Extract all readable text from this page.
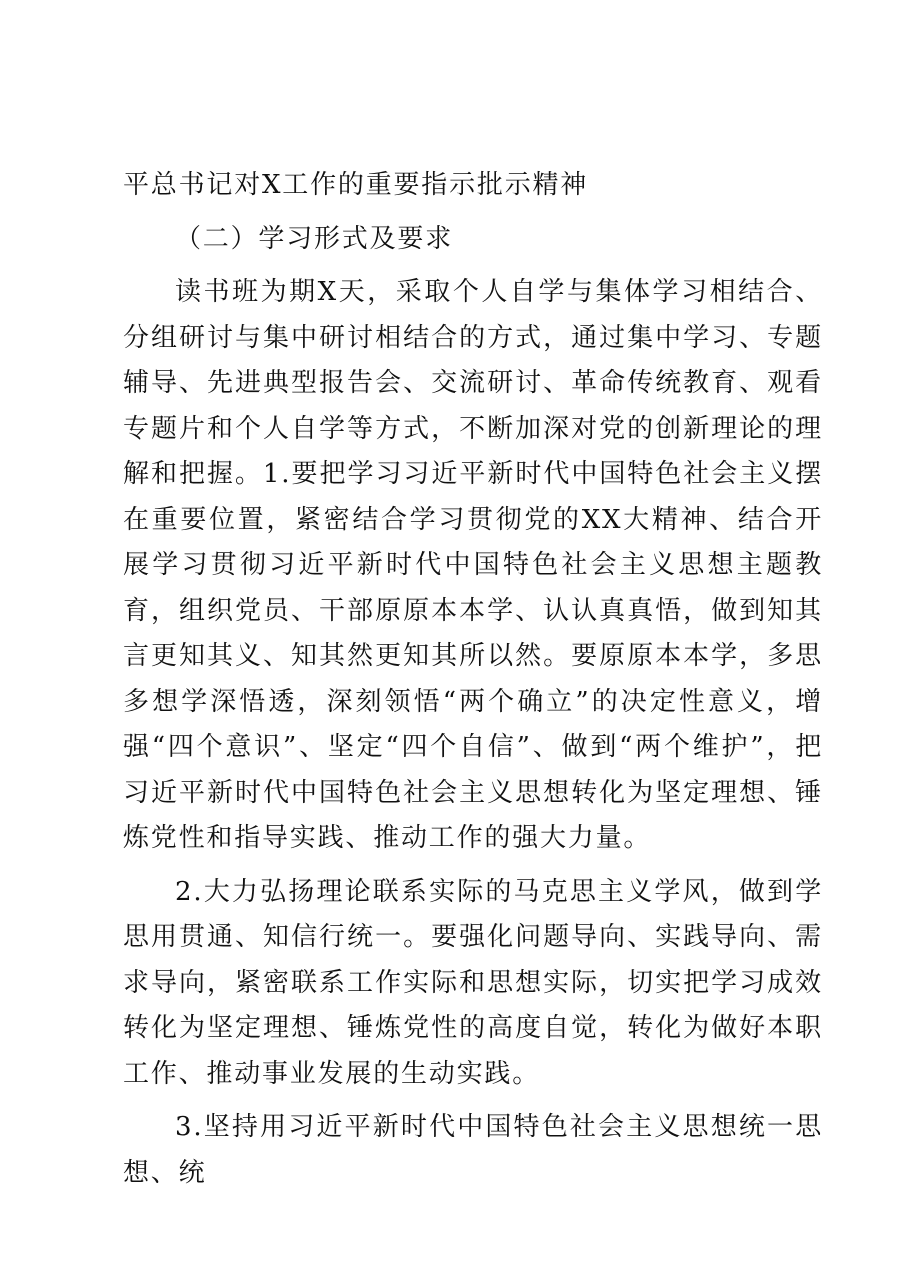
平总书记对X工作的重要指示批示精神

（二）学习形式及要求

读书班为期X天，采取个人自学与集体学习相结合、分组研讨与集中研讨相结合的方式，通过集中学习、专题辅导、先进典型报告会、交流研讨、革命传统教育、观看专题片和个人自学等方式，不断加深对党的创新理论的理解和把握。1.要把学习习近平新时代中国特色社会主义摆在重要位置，紧密结合学习贯彻党的XX大精神、结合开展学习贯彻习近平新时代中国特色社会主义思想主题教育，组织党员、干部原原本本学、认认真真悟，做到知其言更知其义、知其然更知其所以然。要原原本本学，多思多想学深悟透，深刻领悟“两个确立”的决定性意义，增强“四个意识”、坚定“四个自信”、做到“两个维护”，把习近平新时代中国特色社会主义思想转化为坚定理想、锤炼党性和指导实践、推动工作的强大力量。

2.大力弘扬理论联系实际的马克思主义学风，做到学思用贯通、知信行统一。要强化问题导向、实践导向、需求导向，紧密联系工作实际和思想实际，切实把学习成效转化为坚定理想、锤炼党性的高度自觉，转化为做好本职工作、推动事业发展的生动实践。

3.坚持用习近平新时代中国特色社会主义思想统一思想、统
